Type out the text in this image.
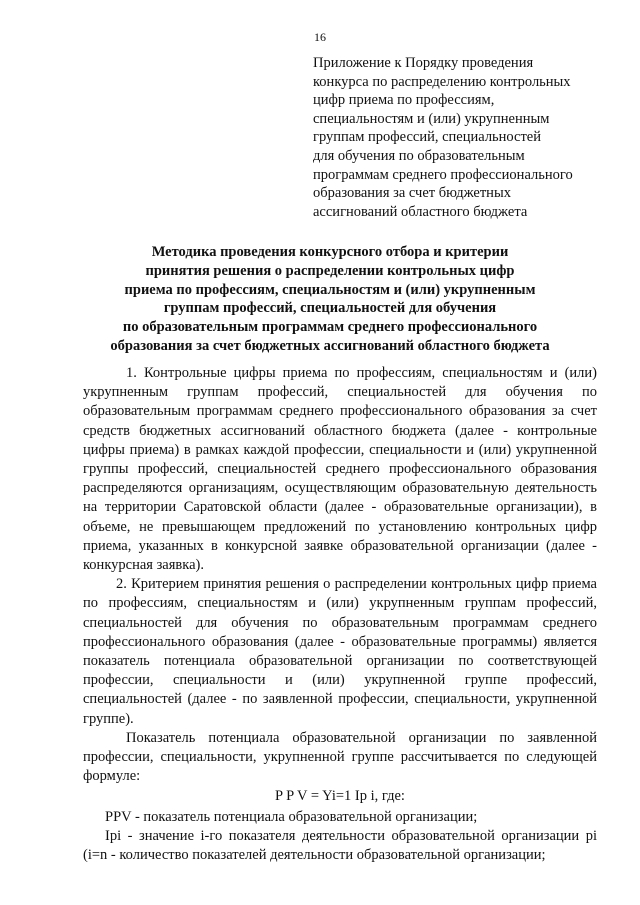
16

Приложение к Порядку проведения
конкурса по распределению контрольных
цифр приема по профессиям,
специальностям и (или) укрупненным
группам профессий, специальностей
для обучения по образовательным
программам среднего профессионального
образования за счет бюджетных
ассигнований областного бюджета

Методика проведения конкурсного отбора и критерии
принятия решения о распределении контрольных цифр
приема по профессиям, специальностям и (или) укрупненным
группам профессий, специальностей для обучения
по образовательным программам среднего профессионального
образования за счет бюджетных ассигнований областного бюджета

1. Контрольные цифры приема по профессиям, специальностям и (или) укрупненным группам профессий, специальностей для обучения по образовательным программам среднего профессионального образования за счет средств бюджетных ассигнований областного бюджета (далее - контрольные цифры приема) в рамках каждой профессии, специальности и (или) укрупненной группы профессий, специальностей среднего профессионального образования распределяются организациям, осуществляющим образовательную деятельность на территории Саратовской области (далее - образовательные организации), в объеме, не превышающем предложений по установлению контрольных цифр приема, указанных в конкурсной заявке образовательной организации (далее - конкурсная заявка).

2. Критерием принятия решения о распределении контрольных цифр приема по профессиям, специальностям и (или) укрупненным группам профессий, специальностей для обучения по образовательным программам среднего профессионального образования (далее - образовательные программы) является показатель потенциала образовательной организации по соответствующей профессии, специальности и (или) укрупненной группе профессий, специальностей (далее - по заявленной профессии, специальности, укрупненной группе).

Показатель потенциала образовательной организации по заявленной профессии, специальности, укрупненной группе рассчитывается по следующей формуле:

P P V = Yi=1 Ip i, где:

PPV - показатель потенциала образовательной организации;

Ipi - значение i-го показателя деятельности образовательной организации pi (i=n - количество показателей деятельности образовательной организации;
